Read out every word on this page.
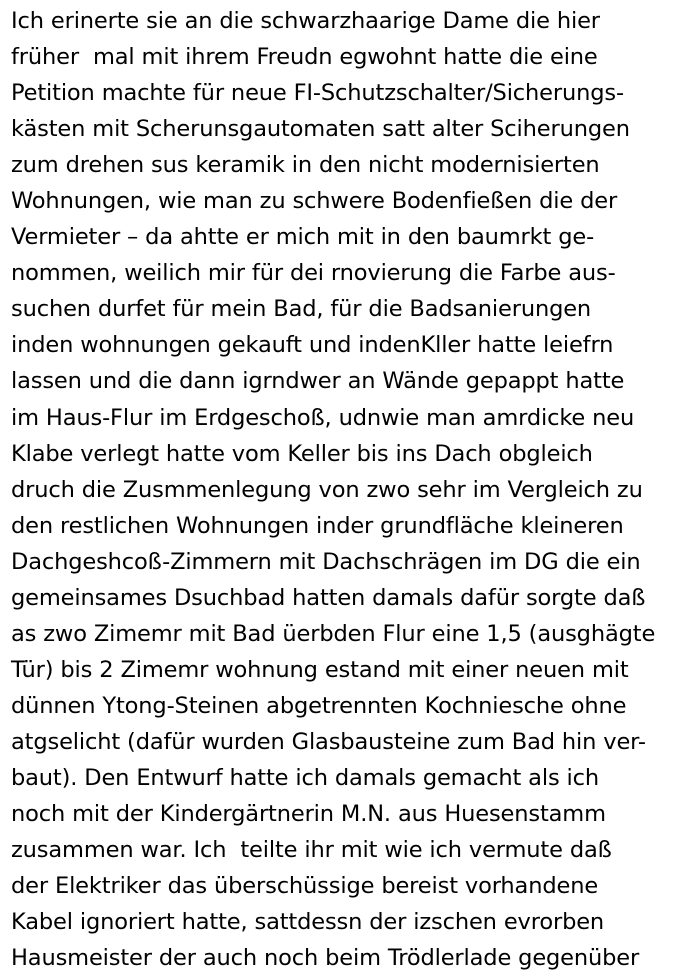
Ich erinerte sie an die schwarzhaarige Dame die hier
früher  mal mit ihrem Freudn egwohnt hatte die eine
Petition machte für neue FI-Schutzschalter/Sicherungs-
kästen mit Scherunsgautomaten satt alter Sciherungen
zum drehen sus keramik in den nicht modernisierten
Wohnungen, wie man zu schwere Bodenfießen die der
Vermieter – da ahtte er mich mit in den baumrkt ge-
nommen, weilich mir für dei rnovierung die Farbe aus-
suchen durfet für mein Bad, für die Badsanierungen
inden wohnungen gekauft und indenKller hatte leiefrn
lassen und die dann igrndwer an Wände gepappt hatte
im Haus-Flur im Erdgeschoß, udnwie man amrdicke neu
Klabe verlegt hatte vom Keller bis ins Dach obgleich
druch die Zusmmenlegung von zwo sehr im Vergleich zu
den restlichen Wohnungen inder grundfläche kleineren
Dachgeshcoß-Zimmern mit Dachschrägen im DG die ein
gemeinsames Dsuchbad hatten damals dafür sorgte daß
as zwo Zimemr mit Bad üerbden Flur eine 1,5 (ausghägte
Tür) bis 2 Zimemr wohnung estand mit einer neuen mit
dünnen Ytong-Steinen abgetrennten Kochniesche ohne
atgselicht (dafür wurden Glasbausteine zum Bad hin ver-
baut). Den Entwurf hatte ich damals gemacht als ich
noch mit der Kindergärtnerin M.N. aus Huesenstamm
zusammen war. Ich  teilte ihr mit wie ich vermute daß
der Elektriker das überschüssige bereist vorhandene
Kabel ignoriert hatte, sattdessn der izschen evrorben
Hausmeister der auch noch beim Trödlerlade gegenüber
